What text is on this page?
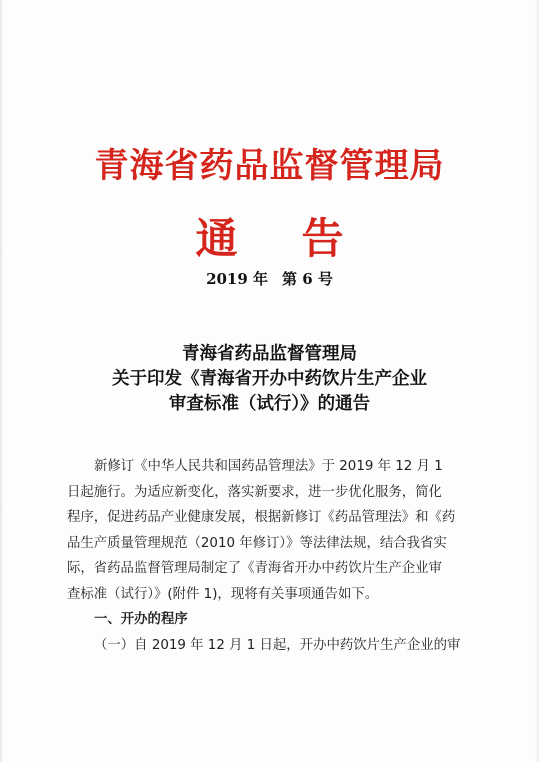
青海省药品监督管理局
通 告
2019 年 第 6 号
青海省药品监督管理局
关于印发《青海省开办中药饮片生产企业
审查标准（试行）》的通告
新修订《中华人民共和国药品管理法》于 2019 年 12 月 1
日起施行。为适应新变化，落实新要求，进一步优化服务，简化
程序，促进药品产业健康发展，根据新修订《药品管理法》和《药
品生产质量管理规范（2010 年修订）》等法律法规，结合我省实
际，省药品监督管理局制定了《青海省开办中药饮片生产企业审
查标准（试行）》(附件 1)，现将有关事项通告如下。
一、开办的程序
（一）自 2019 年 12 月 1 日起，开办中药饮片生产企业的审
